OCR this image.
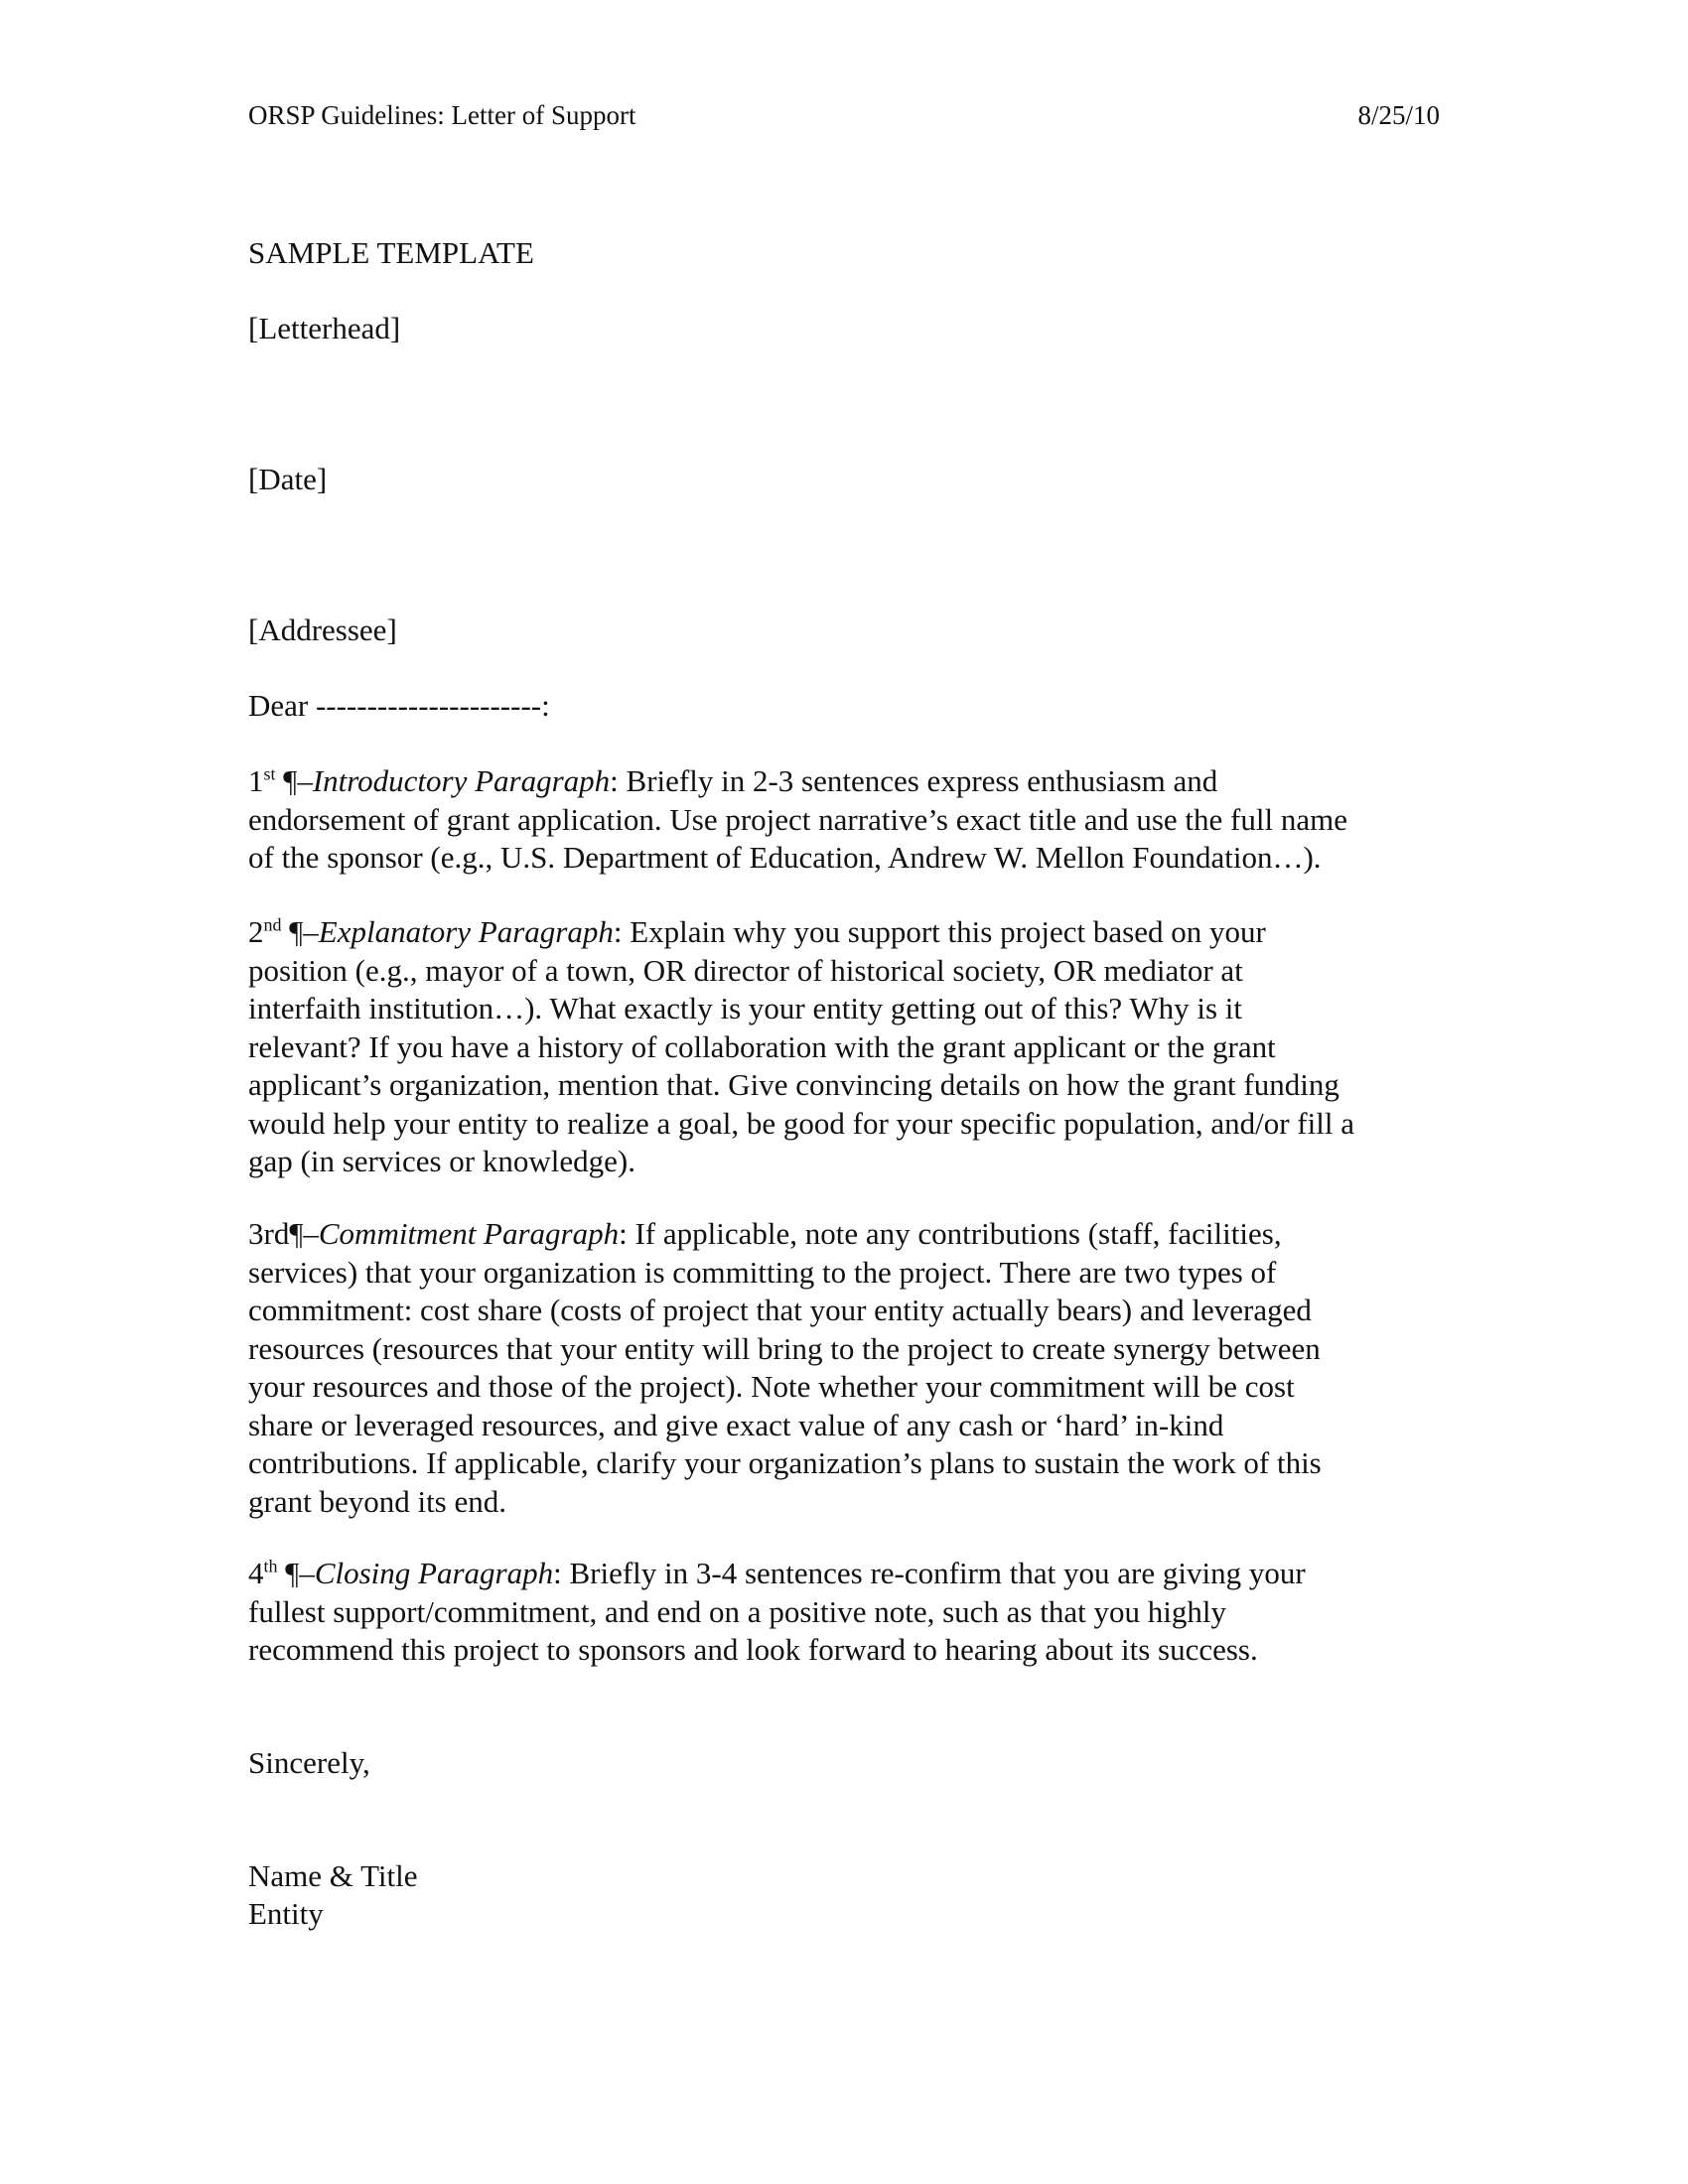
ORSP Guidelines: Letter of Support	8/25/10
SAMPLE TEMPLATE
[Letterhead]
[Date]
[Addressee]
Dear ----------------------:
1st ¶–Introductory Paragraph: Briefly in 2-3 sentences express enthusiasm and
endorsement of grant application. Use project narrative’s exact title and use the full name
of the sponsor (e.g., U.S. Department of Education, Andrew W. Mellon Foundation…).
2nd ¶–Explanatory Paragraph: Explain why you support this project based on your
position (e.g., mayor of a town, OR director of historical society, OR mediator at
interfaith institution…). What exactly is your entity getting out of this? Why is it
relevant? If you have a history of collaboration with the grant applicant or the grant
applicant’s organization, mention that. Give convincing details on how the grant funding
would help your entity to realize a goal, be good for your specific population, and/or fill a
gap (in services or knowledge).
3rd¶–Commitment Paragraph: If applicable, note any contributions (staff, facilities,
services) that your organization is committing to the project. There are two types of
commitment: cost share (costs of project that your entity actually bears) and leveraged
resources (resources that your entity will bring to the project to create synergy between
your resources and those of the project). Note whether your commitment will be cost
share or leveraged resources, and give exact value of any cash or ‘hard’ in-kind
contributions. If applicable, clarify your organization’s plans to sustain the work of this
grant beyond its end.
4th ¶–Closing Paragraph: Briefly in 3-4 sentences re-confirm that you are giving your
fullest support/commitment, and end on a positive note, such as that you highly
recommend this project to sponsors and look forward to hearing about its success.
Sincerely,
Name & Title
Entity
